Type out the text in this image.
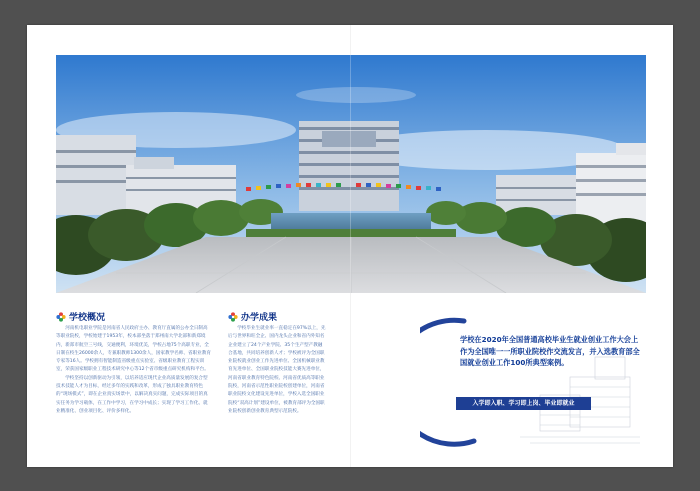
学校概况

河南机电职业学院是河南省人民政府主办、教育厅直属的公办全日制高等职业院校，学校始建于1953年，校本部坐落于郑州南大学北部和新郑境内，新郑市航空三号线，交通便利，环境优美，学校占地75个高职专业，全日制在校生26000余人，专兼职教师1300余人，国家教学名师、省职业教育专家等16人。学校拥有智能制造省级重点实验室、省级职业教育工程实训室，荣获国家级职业工程技术研究中心等12个省市级重点研究机构和平台。

学校坚持以创新驱动为引领，以培养适应现代企业高质量发展的复合型技术技能人才为目标，经过多年的实践和改革，形成了独具职业教育特色的“现场模式”，即在企业真实场景中，以解决真实问题，完成实际项目的真实任务为学习载体，在工作中学习，在学习中成长；实现了学习工作化、就业精准化、创业项目化、评价多样化。

办学成果

学校毕业生就业率一直稳定在97%以上，先后与世界和旺全企、国内龙头企业和省内外知名企业建立了24个产业学院、35个生产型产教融合基地，共同培养创新人才；学校被评为全国职业院校就业创业工作先进单位、全国机械职业教育先进单位、全国职业院校技能大赛先进单位，河南省职业教育特色院校、河南省优质高等职业院校，河南省示范性职业院校创建单位，河南省职业院校文化建设先进单位，学校入选全国职业院校“双高计划”建设单位，被教育部评为全国职业院校创新创业教育典型示范院校。

学校在2020年全国普通高校毕业生就业创业工作大会上作为全国唯一一所职业院校作交流发言，并入选教育部全国就业创业工作100所典型案例。
入学即入职、学习即上岗、毕业即就业
